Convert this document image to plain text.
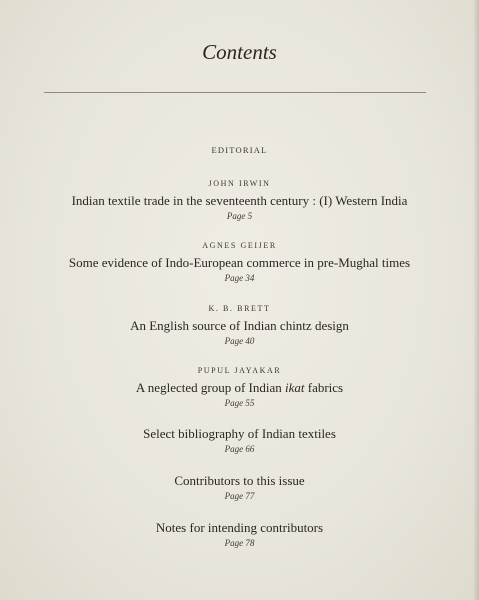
Contents
EDITORIAL
JOHN IRWIN
Indian textile trade in the seventeenth century : (I) Western India
Page 5
AGNES GEIJER
Some evidence of Indo-European commerce in pre-Mughal times
Page 34
K. B. BRETT
An English source of Indian chintz design
Page 40
PUPUL JAYAKAR
A neglected group of Indian ikat fabrics
Page 55
Select bibliography of Indian textiles
Page 66
Contributors to this issue
Page 77
Notes for intending contributors
Page 78
